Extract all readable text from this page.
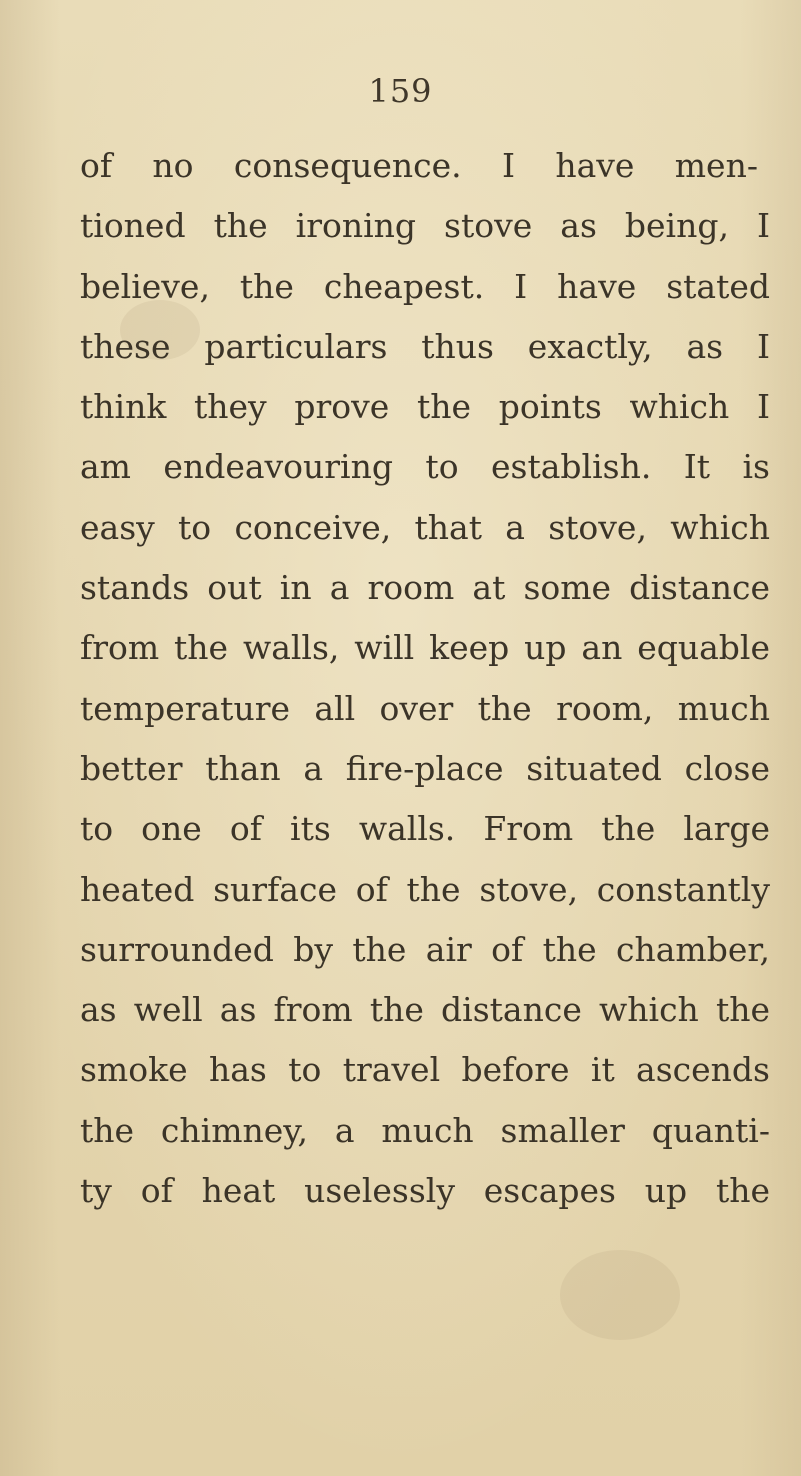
159
of no consequence. I have men-
tioned the ironing stove as being, I
believe, the cheapest. I have stated
these particulars thus exactly, as I
think they prove the points which I
am endeavouring to establish. It is
easy to conceive, that a stove, which
stands out in a room at some distance
from the walls, will keep up an equable
temperature all over the room, much
better than a fire-place situated close
to one of its walls. From the large
heated surface of the stove, constantly
surrounded by the air of the chamber,
as well as from the distance which the
smoke has to travel before it ascends
the chimney, a much smaller quanti-
ty of heat uselessly escapes up the
